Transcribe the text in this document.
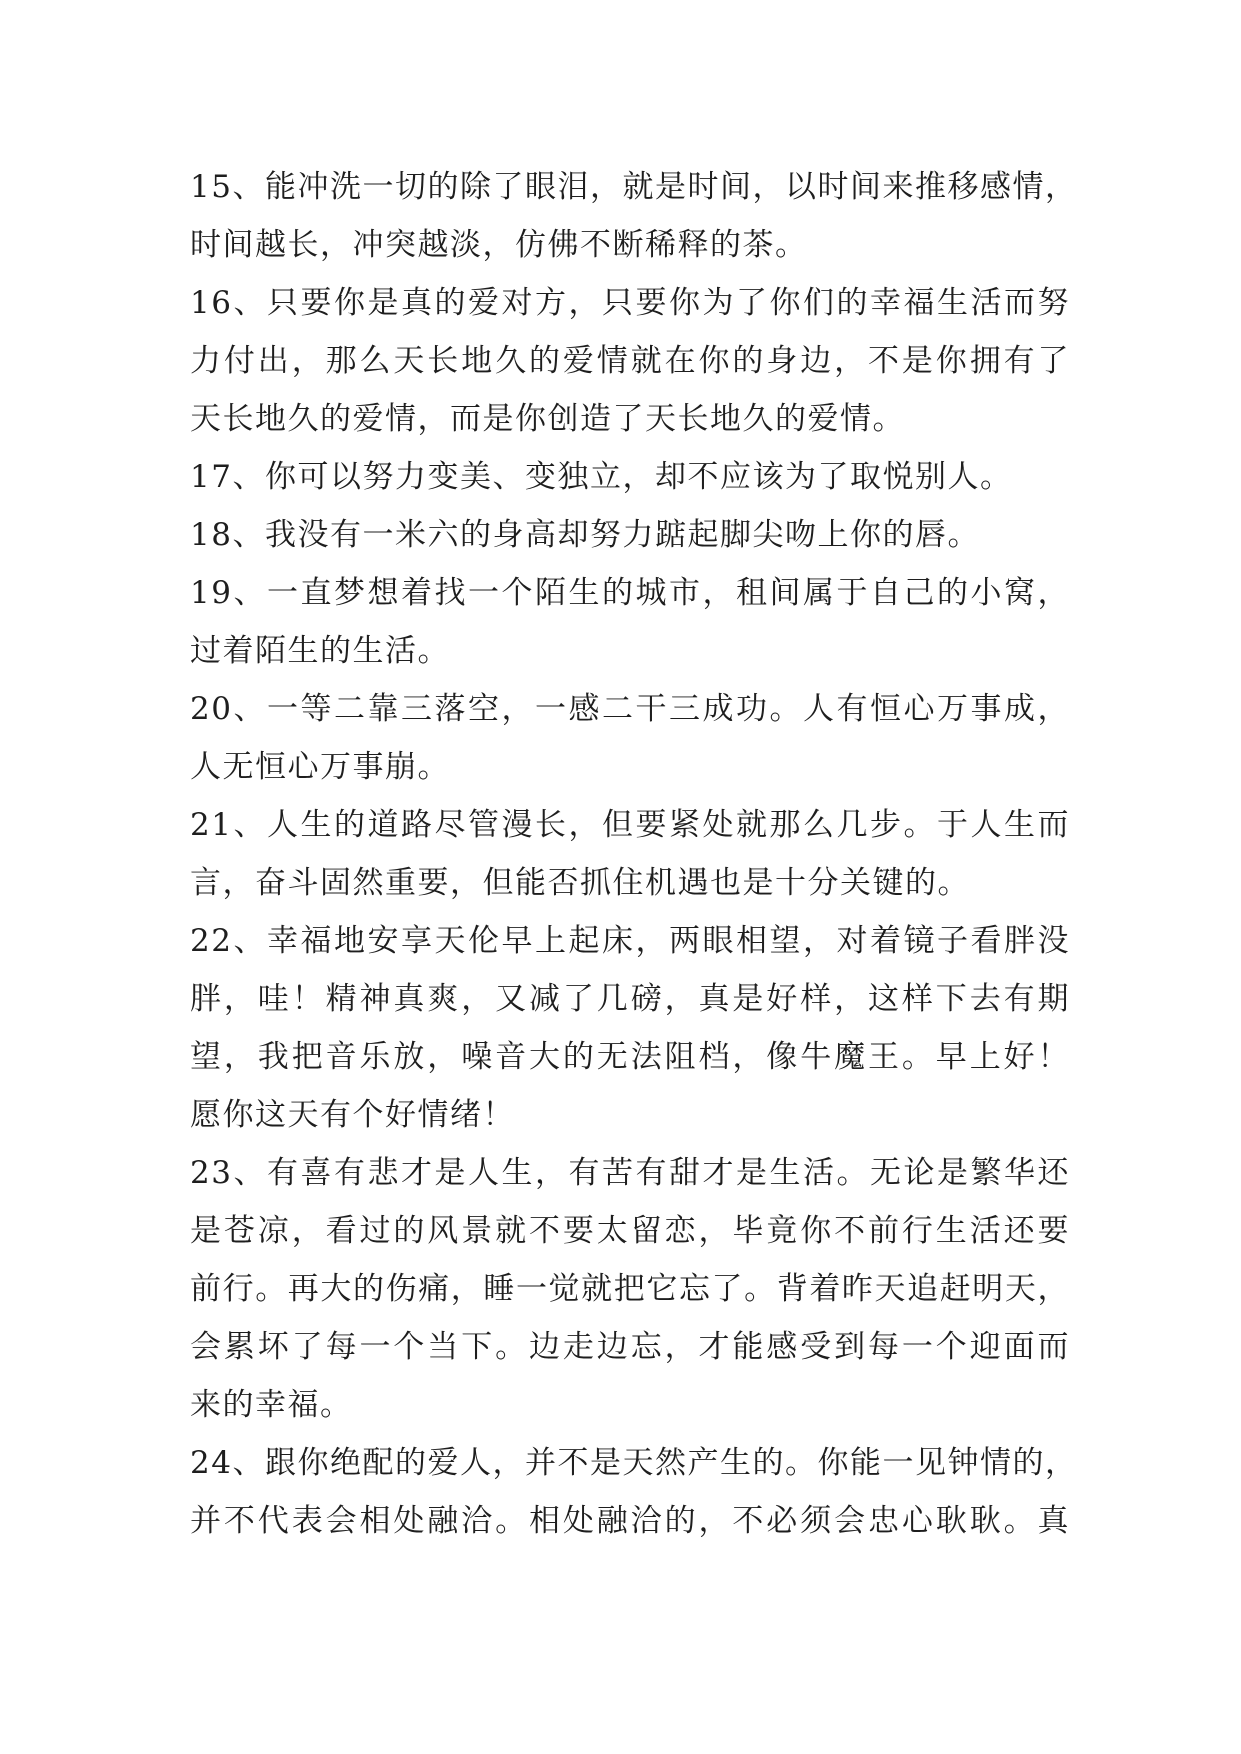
15、能冲洗一切的除了眼泪，就是时间，以时间来推移感情，
时间越长，冲突越淡，仿佛不断稀释的茶。
16、只要你是真的爱对方，只要你为了你们的幸福生活而努
力付出，那么天长地久的爱情就在你的身边，不是你拥有了
天长地久的爱情，而是你创造了天长地久的爱情。
17、你可以努力变美、变独立，却不应该为了取悦别人。
18、我没有一米六的身高却努力踮起脚尖吻上你的唇。
19、一直梦想着找一个陌生的城市，租间属于自己的小窝，
过着陌生的生活。
20、一等二靠三落空，一感二干三成功。人有恒心万事成，
人无恒心万事崩。
21、人生的道路尽管漫长，但要紧处就那么几步。于人生而
言，奋斗固然重要，但能否抓住机遇也是十分关键的。
22、幸福地安享天伦早上起床，两眼相望，对着镜子看胖没
胖，哇！精神真爽，又减了几磅，真是好样，这样下去有期
望，我把音乐放，噪音大的无法阻档，像牛魔王。早上好！
愿你这天有个好情绪！
23、有喜有悲才是人生，有苦有甜才是生活。无论是繁华还
是苍凉，看过的风景就不要太留恋，毕竟你不前行生活还要
前行。再大的伤痛，睡一觉就把它忘了。背着昨天追赶明天，
会累坏了每一个当下。边走边忘，才能感受到每一个迎面而
来的幸福。
24、跟你绝配的爱人，并不是天然产生的。你能一见钟情的，
并不代表会相处融洽。相处融洽的，不必须会忠心耿耿。真
